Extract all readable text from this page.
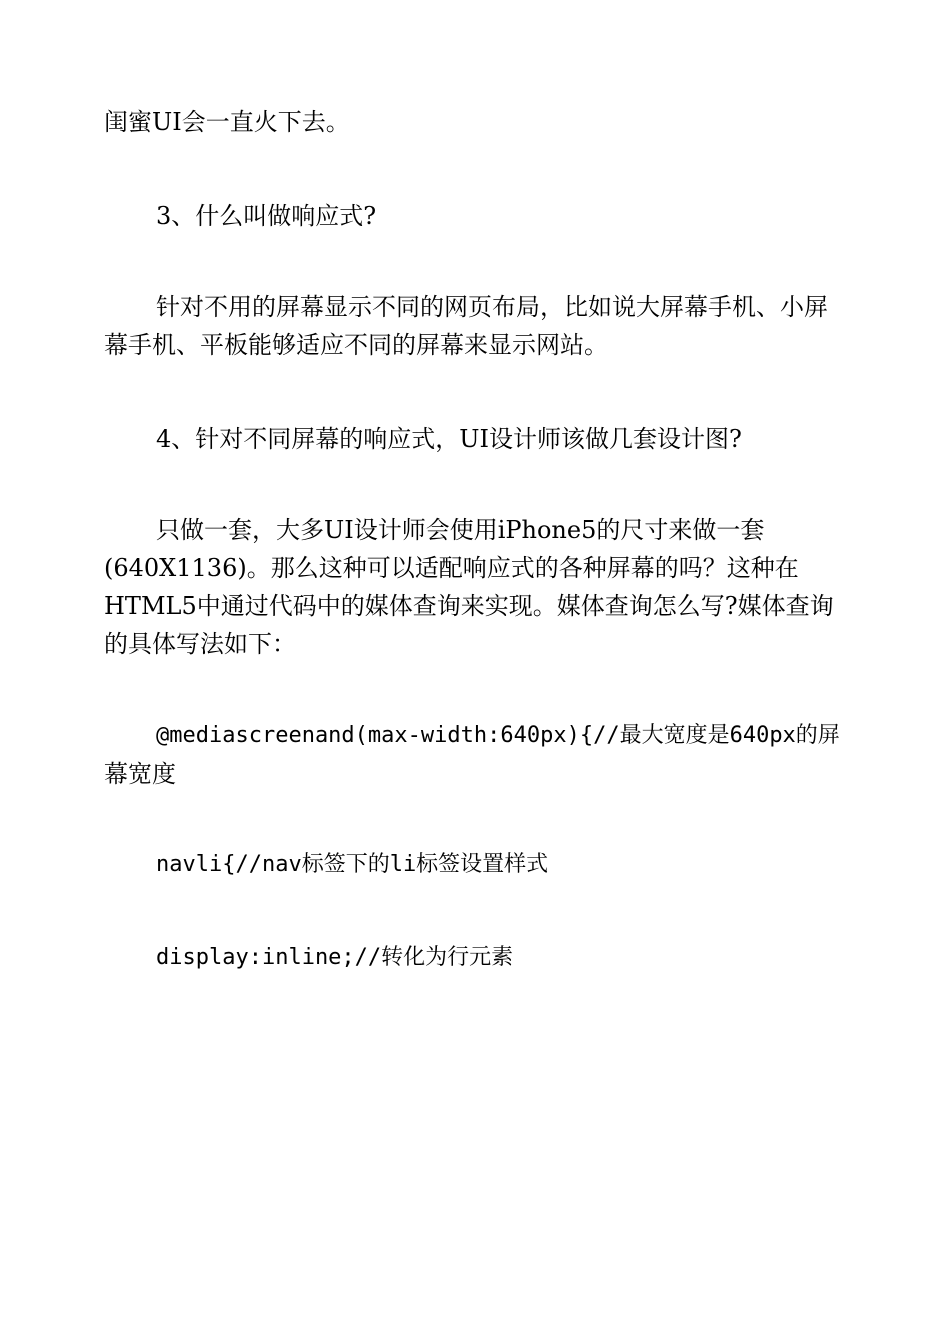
闺蜜UI会一直火下去。
3、什么叫做响应式?
针对不用的屏幕显示不同的网页布局，比如说大屏幕手机、小屏
幕手机、平板能够适应不同的屏幕来显示网站。
4、针对不同屏幕的响应式，UI设计师该做几套设计图?
只做一套，大多UI设计师会使用iPhone5的尺寸来做一套
(640X1136)。那么这种可以适配响应式的各种屏幕的吗？这种在
HTML5中通过代码中的媒体查询来实现。媒体查询怎么写?媒体查询
的具体写法如下：
@mediascreenand(max-width:640px){//最大宽度是640px的屏
幕宽度
navli{//nav标签下的li标签设置样式
display:inline;//转化为行元素
